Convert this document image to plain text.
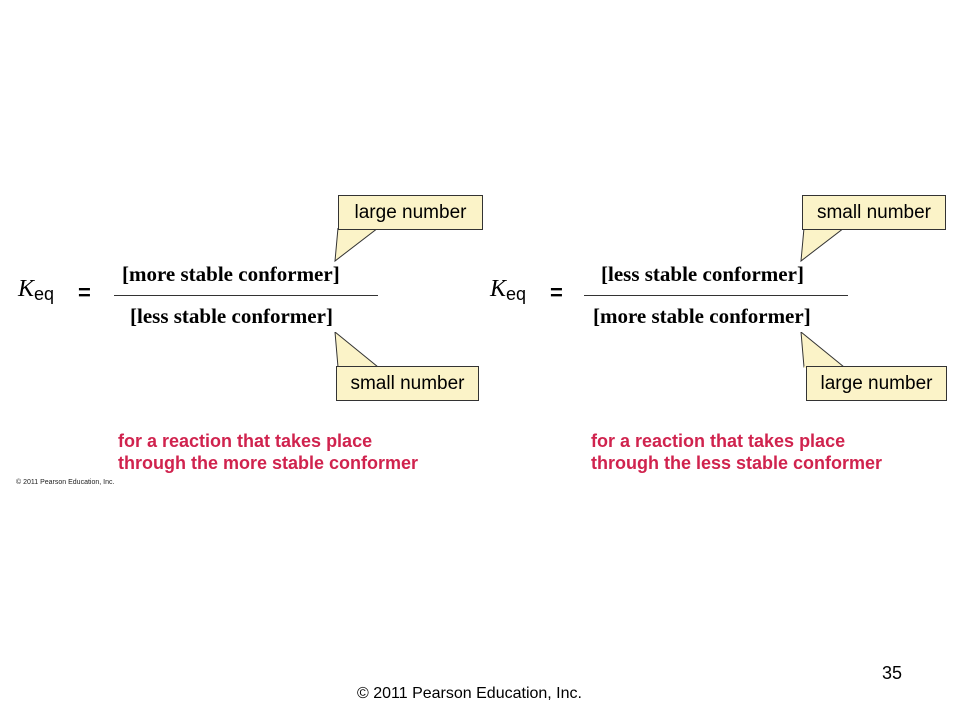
Keq =
[more stable conformer]
[less stable conformer]
large number
small number
for a reaction that takes place
through the more stable conformer
Keq =
[less stable conformer]
[more stable conformer]
small number
large number
for a reaction that takes place
through the less stable conformer
© 2011 Pearson Education, Inc.
35
© 2011 Pearson Education, Inc.
